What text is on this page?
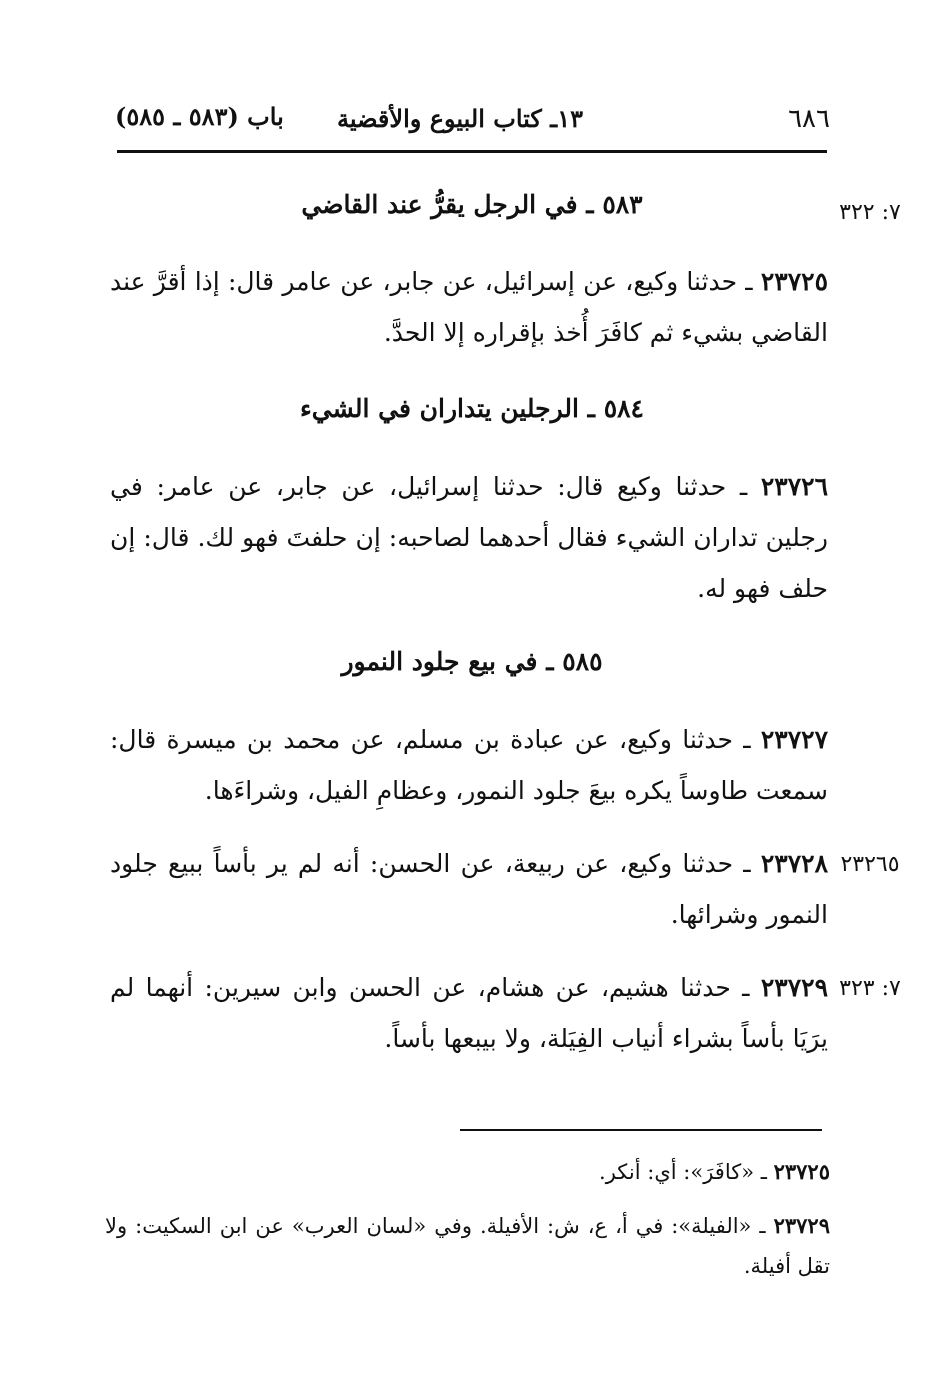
٦٨٦
١٣ـ كتاب البيوع والأقضية
باب (٥٨٣ ـ ٥٨٥)
٧: ٣٢٢
٥٨٣ ـ في الرجل يقرُّ عند القاضي
٢٣٧٢٥ ـ حدثنا وكيع، عن إسرائيل، عن جابر، عن عامر قال: إذا أقرَّ عند القاضي بشيء ثم كافَرَ أُخذ بإقراره إلا الحدَّ.
٥٨٤ ـ الرجلين يتداران في الشيء
٢٣٧٢٦ ـ حدثنا وكيع قال: حدثنا إسرائيل، عن جابر، عن عامر: في رجلين تداران الشيء فقال أحدهما لصاحبه: إن حلفتَ فهو لك. قال: إن حلف فهو له.
٥٨٥ ـ في بيع جلود النمور
٢٣٧٢٧ ـ حدثنا وكيع، عن عبادة بن مسلم، عن محمد بن ميسرة قال: سمعت طاوساً يكره بيعَ جلود النمور، وعظامِ الفيل، وشراءَها.
٢٣٢٦٥
٢٣٧٢٨ ـ حدثنا وكيع، عن ربيعة، عن الحسن: أنه لم ير بأساً ببيع جلود النمور وشرائها.
٧: ٣٢٣
٢٣٧٢٩ ـ حدثنا هشيم، عن هشام، عن الحسن وابن سيرين: أنهما لم يرَيَا بأساً بشراء أنياب الفِيَلة، ولا بيبعها بأساً.
٢٣٧٢٥ ـ «كافَرَ»: أي: أنكر.
٢٣٧٢٩ ـ «الفيلة»: في أ، ع، ش: الأفيلة. وفي «لسان العرب» عن ابن السكيت: ولا تقل أفيلة.
